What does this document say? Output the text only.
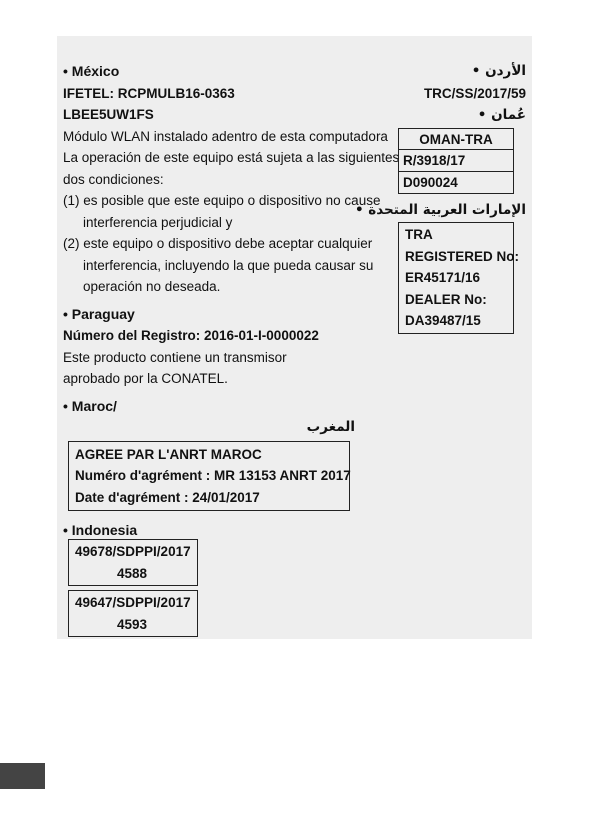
• México
IFETEL: RCPMULB16-0363
LBEE5UW1FS
Módulo WLAN instalado adentro de esta computadora
La operación de este equipo está sujeta a las siguientes
dos condiciones:
(1) es posible que este equipo o dispositivo no cause
interferencia perjudicial y
(2) este equipo o dispositivo debe aceptar cualquier
interferencia, incluyendo la que pueda causar su
operación no deseada.
• Paraguay
Número del Registro: 2016-01-I-0000022
Este producto contiene un transmisor
aprobado por la CONATEL.
• Maroc/
المغرب
AGREE PAR L'ANRT MAROC
Numéro d'agrément : MR 13153 ANRT 2017
Date d'agrément : 24/01/2017
• Indonesia
49678/SDPPI/2017
4588
49647/SDPPI/2017
4593
الأردن •
TRC/SS/2017/59
عُمان •
OMAN-TRA
R/3918/17
D090024
الإمارات العربية المتحدة •
TRA
REGISTERED No:
ER45171/16
DEALER No:
DA39487/15
